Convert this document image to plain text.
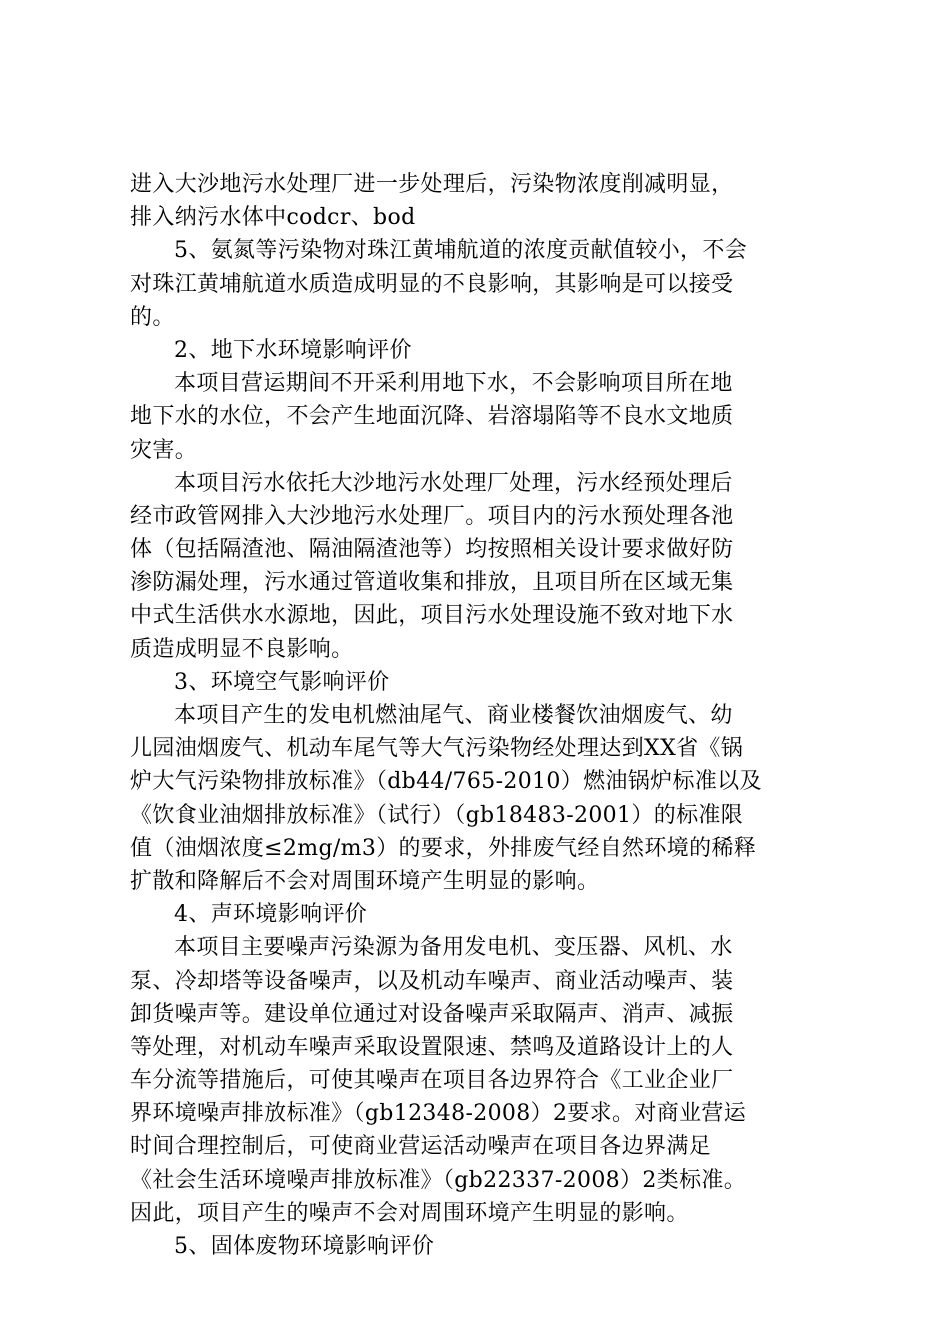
进入大沙地污水处理厂进一步处理后，污染物浓度削减明显，
排入纳污水体中codcr、bod
5、氨氮等污染物对珠江黄埔航道的浓度贡献值较小，不会
对珠江黄埔航道水质造成明显的不良影响，其影响是可以接受
的。
2、地下水环境影响评价
本项目营运期间不开采利用地下水，不会影响项目所在地
地下水的水位，不会产生地面沉降、岩溶塌陷等不良水文地质
灾害。
本项目污水依托大沙地污水处理厂处理，污水经预处理后
经市政管网排入大沙地污水处理厂。项目内的污水预处理各池
体（包括隔渣池、隔油隔渣池等）均按照相关设计要求做好防
渗防漏处理，污水通过管道收集和排放，且项目所在区域无集
中式生活供水水源地，因此，项目污水处理设施不致对地下水
质造成明显不良影响。
3、环境空气影响评价
本项目产生的发电机燃油尾气、商业楼餐饮油烟废气、幼
儿园油烟废气、机动车尾气等大气污染物经处理达到XX省《锅
炉大气污染物排放标准》（db44/765-2010）燃油锅炉标准以及
《饮食业油烟排放标准》（试行）（gb18483-2001）的标准限
值（油烟浓度≤2mg/m3）的要求，外排废气经自然环境的稀释
扩散和降解后不会对周围环境产生明显的影响。
4、声环境影响评价
本项目主要噪声污染源为备用发电机、变压器、风机、水
泵、冷却塔等设备噪声，以及机动车噪声、商业活动噪声、装
卸货噪声等。建设单位通过对设备噪声采取隔声、消声、减振
等处理，对机动车噪声采取设置限速、禁鸣及道路设计上的人
车分流等措施后，可使其噪声在项目各边界符合《工业企业厂
界环境噪声排放标准》（gb12348-2008）2要求。对商业营运
时间合理控制后，可使商业营运活动噪声在项目各边界满足
《社会生活环境噪声排放标准》（gb22337-2008）2类标准。
因此，项目产生的噪声不会对周围环境产生明显的影响。
5、固体废物环境影响评价
